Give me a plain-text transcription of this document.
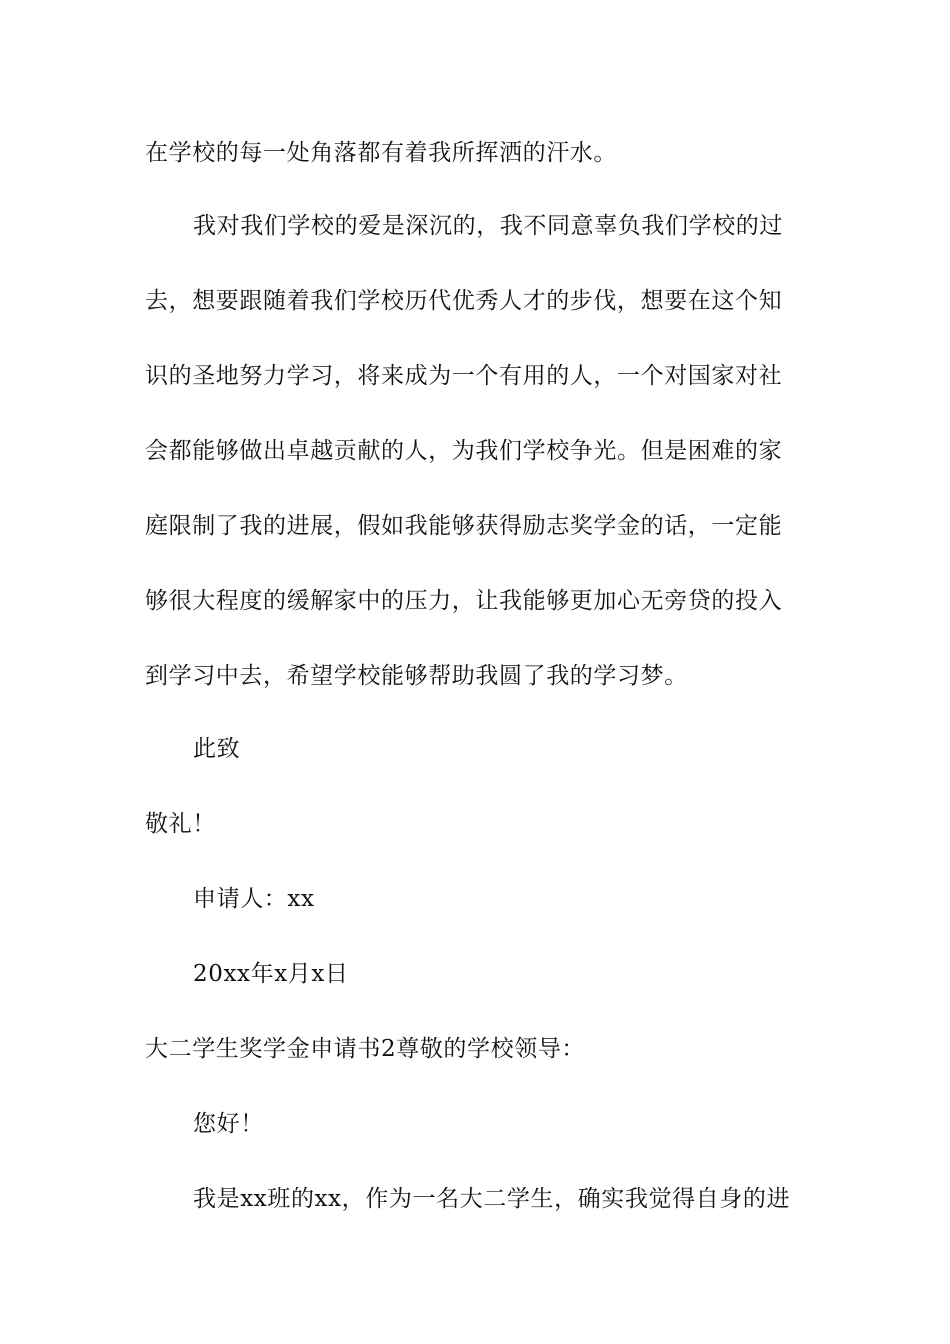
在学校的每一处角落都有着我所挥洒的汗水。
我对我们学校的爱是深沉的，我不同意辜负我们学校的过
去，想要跟随着我们学校历代优秀人才的步伐，想要在这个知
识的圣地努力学习，将来成为一个有用的人，一个对国家对社
会都能够做出卓越贡献的人，为我们学校争光。但是困难的家
庭限制了我的进展，假如我能够获得励志奖学金的话，一定能
够很大程度的缓解家中的压力，让我能够更加心无旁贷的投入
到学习中去，希望学校能够帮助我圆了我的学习梦。
此致
敬礼！
申请人：xx
20xx年x月x日
大二学生奖学金申请书2尊敬的学校领导：
您好！
我是xx班的xx，作为一名大二学生，确实我觉得自身的进
